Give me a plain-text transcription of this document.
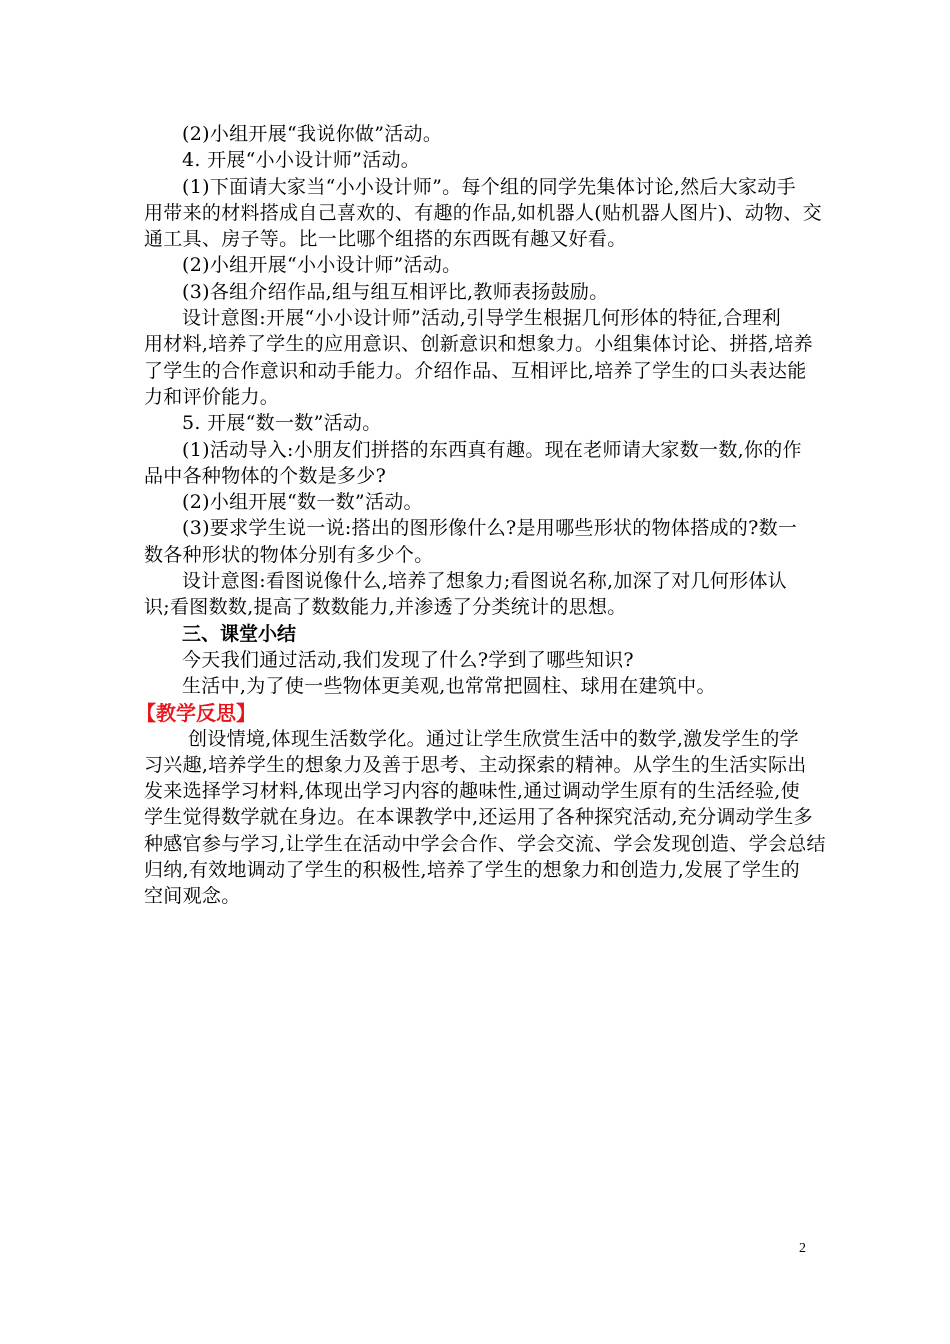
(2)小组开展“我说你做”活动。
4. 开展“小小设计师”活动。
(1)下面请大家当“小小设计师”。每个组的同学先集体讨论,然后大家动手
用带来的材料搭成自己喜欢的、有趣的作品,如机器人(贴机器人图片)、动物、交
通工具、房子等。比一比哪个组搭的东西既有趣又好看。
(2)小组开展“小小设计师”活动。
(3)各组介绍作品,组与组互相评比,教师表扬鼓励。
设计意图:开展“小小设计师”活动,引导学生根据几何形体的特征,合理利
用材料,培养了学生的应用意识、创新意识和想象力。小组集体讨论、拼搭,培养
了学生的合作意识和动手能力。介绍作品、互相评比,培养了学生的口头表达能
力和评价能力。
5. 开展“数一数”活动。
(1)活动导入:小朋友们拼搭的东西真有趣。现在老师请大家数一数,你的作
品中各种物体的个数是多少?
(2)小组开展“数一数”活动。
(3)要求学生说一说:搭出的图形像什么?是用哪些形状的物体搭成的?数一
数各种形状的物体分别有多少个。
设计意图:看图说像什么,培养了想象力;看图说名称,加深了对几何形体认
识;看图数数,提高了数数能力,并渗透了分类统计的思想。
三、课堂小结
今天我们通过活动,我们发现了什么?学到了哪些知识?
生活中,为了使一些物体更美观,也常常把圆柱、球用在建筑中。
【教学反思】
创设情境,体现生活数学化。通过让学生欣赏生活中的数学,激发学生的学
习兴趣,培养学生的想象力及善于思考、主动探索的精神。从学生的生活实际出
发来选择学习材料,体现出学习内容的趣味性,通过调动学生原有的生活经验,使
学生觉得数学就在身边。在本课教学中,还运用了各种探究活动,充分调动学生多
种感官参与学习,让学生在活动中学会合作、学会交流、学会发现创造、学会总结
归纳,有效地调动了学生的积极性,培养了学生的想象力和创造力,发展了学生的
空间观念。
2
